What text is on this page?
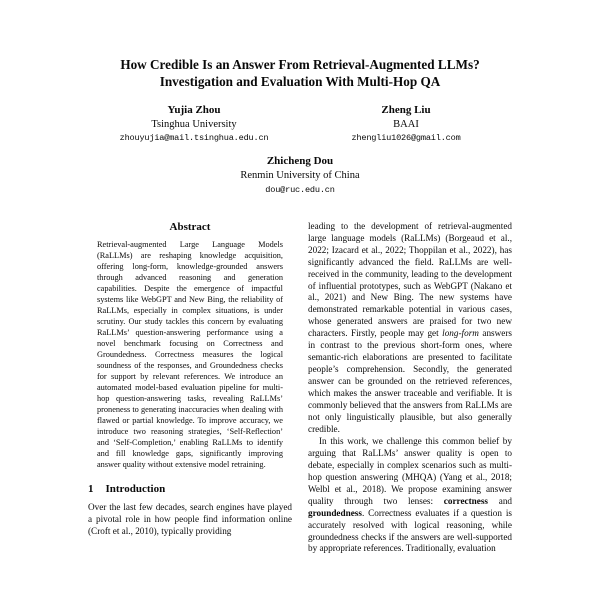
How Credible Is an Answer From Retrieval-Augmented LLMs?
Investigation and Evaluation With Multi-Hop QA
Yujia Zhou
Tsinghua University
zhouyujia@mail.tsinghua.edu.cn
Zheng Liu
BAAI
zhengliu1026@gmail.com
Zhicheng Dou
Renmin University of China
dou@ruc.edu.cn
Abstract

Retrieval-augmented Large Language Models (RaLLMs) are reshaping knowledge acquisition, offering long-form, knowledge-grounded answers through advanced reasoning and generation capabilities. Despite the emergence of impactful systems like WebGPT and New Bing, the reliability of RaLLMs, especially in complex situations, is under scrutiny. Our study tackles this concern by evaluating RaLLMs’ question-answering performance using a novel benchmark focusing on Correctness and Groundedness. Correctness measures the logical soundness of the responses, and Groundedness checks for support by relevant references. We introduce an automated model-based evaluation pipeline for multi-hop question-answering tasks, revealing RaLLMs’ proneness to generating inaccuracies when dealing with flawed or partial knowledge. To improve accuracy, we introduce two reasoning strategies, ‘Self-Reflection’ and ‘Self-Completion,’ enabling RaLLMs to identify and fill knowledge gaps, significantly improving answer quality without extensive model retraining.

1 Introduction

Over the last few decades, search engines have played a pivotal role in how people find information online (Croft et al., 2010), typically providing

leading to the development of retrieval-augmented large language models (RaLLMs) (Borgeaud et al., 2022; Izacard et al., 2022; Thoppilan et al., 2022), has significantly advanced the field. RaLLMs are well-received in the community, leading to the development of influential prototypes, such as WebGPT (Nakano et al., 2021) and New Bing. The new systems have demonstrated remarkable potential in various cases, whose generated answers are praised for two new characters. Firstly, people may get long-form answers in contrast to the previous short-form ones, where semantic-rich elaborations are presented to facilitate people’s comprehension. Secondly, the generated answer can be grounded on the retrieved references, which makes the answer traceable and verifiable. It is commonly believed that the answers from RaLLMs are not only linguistically plausible, but also generally credible.

In this work, we challenge this common belief by arguing that RaLLMs’ answer quality is open to debate, especially in complex scenarios such as multi-hop question answering (MHQA) (Yang et al., 2018; Welbl et al., 2018). We propose examining answer quality through two lenses: correctness and groundedness. Correctness evaluates if a question is accurately resolved with logical reasoning, while groundedness checks if the answers are well-supported by appropriate references. Traditionally, evaluation
